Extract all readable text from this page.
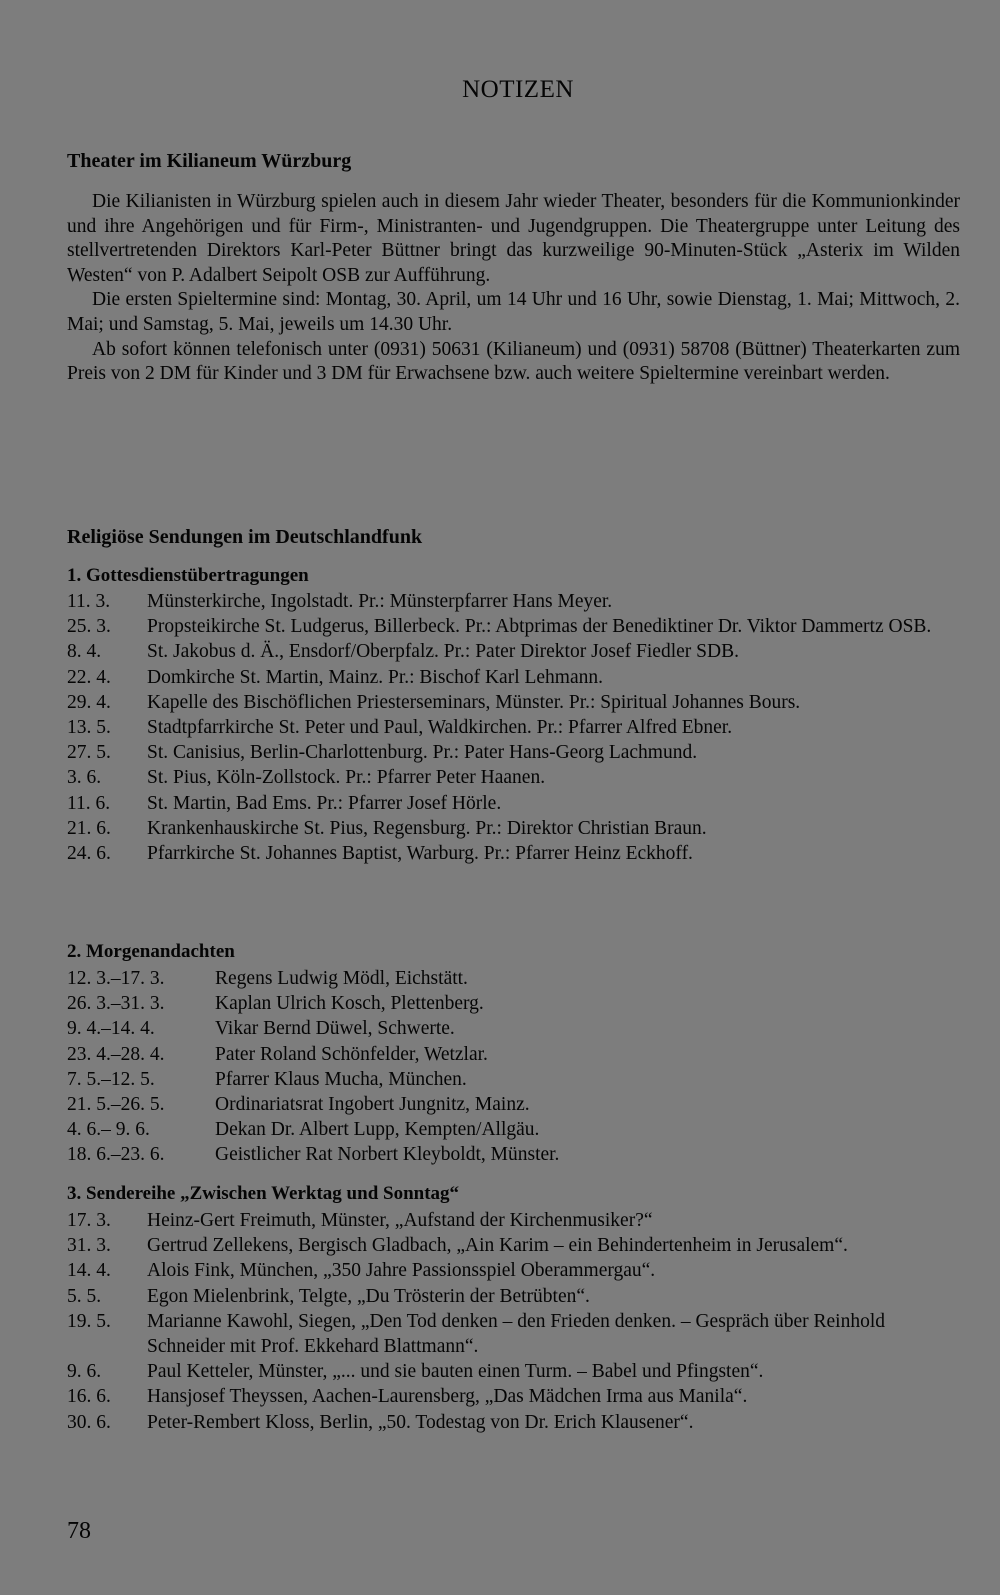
NOTIZEN
Theater im Kilianeum Würzburg

Die Kilianisten in Würzburg spielen auch in diesem Jahr wieder Theater, besonders für die Kommunionkinder und ihre Angehörigen und für Firm-, Ministranten- und Jugendgruppen. Die Theatergruppe unter Leitung des stellvertretenden Direktors Karl-Peter Büttner bringt das kurzweilige 90-Minuten-Stück „Asterix im Wilden Westen“ von P. Adalbert Seipolt OSB zur Aufführung.

Die ersten Spieltermine sind: Montag, 30. April, um 14 Uhr und 16 Uhr, sowie Dienstag, 1. Mai; Mittwoch, 2. Mai; und Samstag, 5. Mai, jeweils um 14.30 Uhr.

Ab sofort können telefonisch unter (0931) 50631 (Kilianeum) und (0931) 58708 (Büttner) Theaterkarten zum Preis von 2 DM für Kinder und 3 DM für Erwachsene bzw. auch weitere Spieltermine vereinbart werden.

Religiöse Sendungen im Deutschlandfunk
1. Gottesdienstübertragungen
11. 3.	Münsterkirche, Ingolstadt. Pr.: Münsterpfarrer Hans Meyer.
25. 3.	Propsteikirche St. Ludgerus, Billerbeck. Pr.: Abtprimas der Benediktiner Dr. Viktor Dammertz OSB.
8. 4.	St. Jakobus d. Ä., Ensdorf/Oberpfalz. Pr.: Pater Direktor Josef Fiedler SDB.
22. 4.	Domkirche St. Martin, Mainz. Pr.: Bischof Karl Lehmann.
29. 4.	Kapelle des Bischöflichen Priesterseminars, Münster. Pr.: Spiritual Johannes Bours.
13. 5.	Stadtpfarrkirche St. Peter und Paul, Waldkirchen. Pr.: Pfarrer Alfred Ebner.
27. 5.	St. Canisius, Berlin-Charlottenburg. Pr.: Pater Hans-Georg Lachmund.
3. 6.	St. Pius, Köln-Zollstock. Pr.: Pfarrer Peter Haanen.
11. 6.	St. Martin, Bad Ems. Pr.: Pfarrer Josef Hörle.
21. 6.	Krankenhauskirche St. Pius, Regensburg. Pr.: Direktor Christian Braun.
24. 6.	Pfarrkirche St. Johannes Baptist, Warburg. Pr.: Pfarrer Heinz Eckhoff.
2. Morgenandachten
12. 3.–17. 3.	Regens Ludwig Mödl, Eichstätt.
26. 3.–31. 3.	Kaplan Ulrich Kosch, Plettenberg.
9. 4.–14. 4.	Vikar Bernd Düwel, Schwerte.
23. 4.–28. 4.	Pater Roland Schönfelder, Wetzlar.
7. 5.–12. 5.	Pfarrer Klaus Mucha, München.
21. 5.–26. 5.	Ordinariatsrat Ingobert Jungnitz, Mainz.
4. 6.– 9. 6.	Dekan Dr. Albert Lupp, Kempten/Allgäu.
18. 6.–23. 6.	Geistlicher Rat Norbert Kleyboldt, Münster.
3. Sendereihe „Zwischen Werktag und Sonntag“
17. 3.	Heinz-Gert Freimuth, Münster, „Aufstand der Kirchenmusiker?“
31. 3.	Gertrud Zellekens, Bergisch Gladbach, „Ain Karim – ein Behindertenheim in Jerusalem“.
14. 4.	Alois Fink, München, „350 Jahre Passionsspiel Oberammergau“.
5. 5.	Egon Mielenbrink, Telgte, „Du Trösterin der Betrübten“.
19. 5.	Marianne Kawohl, Siegen, „Den Tod denken – den Frieden denken. – Gespräch über Reinhold Schneider mit Prof. Ekkehard Blattmann“.
9. 6.	Paul Ketteler, Münster, „... und sie bauten einen Turm. – Babel und Pfingsten“.
16. 6.	Hansjosef Theyssen, Aachen-Laurensberg, „Das Mädchen Irma aus Manila“.
30. 6.	Peter-Rembert Kloss, Berlin, „50. Todestag von Dr. Erich Klausener“.
78
